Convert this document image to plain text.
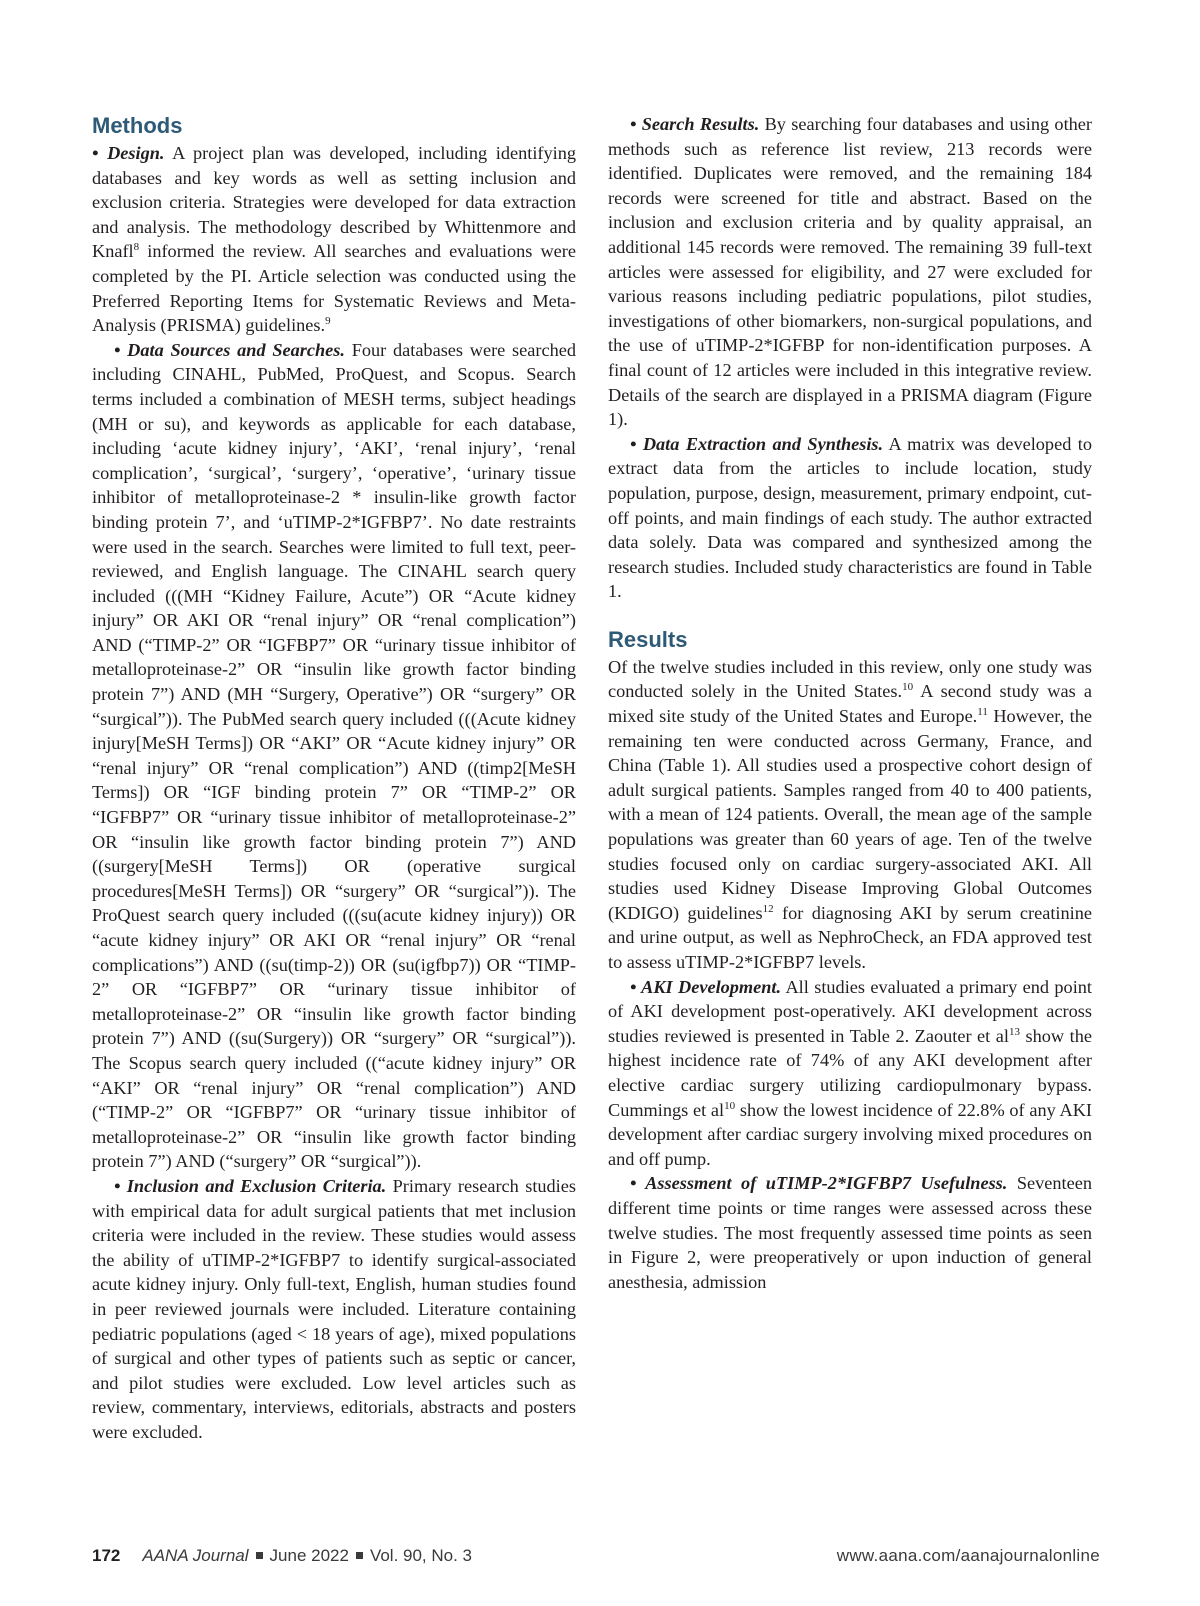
Methods

• Design. A project plan was developed, including identifying databases and key words as well as setting inclusion and exclusion criteria. Strategies were developed for data extraction and analysis. The methodology described by Whittenmore and Knafl$^8$ informed the review. All searches and evaluations were completed by the PI. Article selection was conducted using the Preferred Reporting Items for Systematic Reviews and Meta-Analysis (PRISMA) guidelines.$^9$

• Data Sources and Searches. Four databases were searched including CINAHL, PubMed, ProQuest, and Scopus. Search terms included a combination of MESH terms, subject headings (MH or su), and keywords as applicable for each database, including ‘acute kidney injury’, ‘AKI’, ‘renal injury’, ‘renal complication’, ‘surgical’, ‘surgery’, ‘operative’, ‘urinary tissue inhibitor of metalloproteinase-2 * insulin-like growth factor binding protein 7’, and ‘uTIMP-2*IGFBP7’. No date restraints were used in the search. Searches were limited to full text, peer-reviewed, and English language. The CINAHL search query included (((MH “Kidney Failure, Acute”) OR “Acute kidney injury” OR AKI OR “renal injury” OR “renal complication”) AND (“TIMP-2” OR “IGFBP7” OR “urinary tissue inhibitor of metalloproteinase-2” OR “insulin like growth factor binding protein 7”) AND (MH “Surgery, Operative”) OR “surgery” OR “surgical”)). The PubMed search query included (((Acute kidney injury[MeSH Terms]) OR “AKI” OR “Acute kidney injury” OR “renal injury” OR “renal complication”) AND ((timp2[MeSH Terms]) OR “IGF binding protein 7” OR “TIMP-2” OR “IGFBP7” OR “urinary tissue inhibitor of metalloproteinase-2” OR “insulin like growth factor binding protein 7”) AND ((surgery[MeSH Terms]) OR (operative surgical procedures[MeSH Terms]) OR “surgery” OR “surgical”)). The ProQuest search query included (((su(acute kidney injury)) OR “acute kidney injury” OR AKI OR “renal injury” OR “renal complications”) AND ((su(timp-2)) OR (su(igfbp7)) OR “TIMP-2” OR “IGFBP7” OR “urinary tissue inhibitor of metalloproteinase-2” OR “insulin like growth factor binding protein 7”) AND ((su(Surgery)) OR “surgery” OR “surgical”)). The Scopus search query included ((“acute kidney injury” OR “AKI” OR “renal injury” OR “renal complication”) AND (“TIMP-2” OR “IGFBP7” OR “urinary tissue inhibitor of metalloproteinase-2” OR “insulin like growth factor binding protein 7”) AND (“surgery” OR “surgical”)).

• Inclusion and Exclusion Criteria. Primary research studies with empirical data for adult surgical patients that met inclusion criteria were included in the review. These studies would assess the ability of uTIMP-2*IGFBP7 to identify surgical-associated acute kidney injury. Only full-text, English, human studies found in peer reviewed journals were included. Literature containing pediatric populations (aged < 18 years of age), mixed populations of surgical and other types of patients such as septic or cancer, and pilot studies were excluded. Low level articles such as review, commentary, interviews, editorials, abstracts and posters were excluded.

• Search Results. By searching four databases and using other methods such as reference list review, 213 records were identified. Duplicates were removed, and the remaining 184 records were screened for title and abstract. Based on the inclusion and exclusion criteria and by quality appraisal, an additional 145 records were removed. The remaining 39 full-text articles were assessed for eligibility, and 27 were excluded for various reasons including pediatric populations, pilot studies, investigations of other biomarkers, non-surgical populations, and the use of uTIMP-2*IGFBP for non-identification purposes. A final count of 12 articles were included in this integrative review. Details of the search are displayed in a PRISMA diagram (Figure 1).

• Data Extraction and Synthesis. A matrix was developed to extract data from the articles to include location, study population, purpose, design, measurement, primary endpoint, cut-off points, and main findings of each study. The author extracted data solely. Data was compared and synthesized among the research studies. Included study characteristics are found in Table 1.

Results

Of the twelve studies included in this review, only one study was conducted solely in the United States.$^{10}$ A second study was a mixed site study of the United States and Europe.$^{11}$ However, the remaining ten were conducted across Germany, France, and China (Table 1). All studies used a prospective cohort design of adult surgical patients. Samples ranged from 40 to 400 patients, with a mean of 124 patients. Overall, the mean age of the sample populations was greater than 60 years of age. Ten of the twelve studies focused only on cardiac surgery-associated AKI. All studies used Kidney Disease Improving Global Outcomes (KDIGO) guidelines$^{12}$ for diagnosing AKI by serum creatinine and urine output, as well as NephroCheck, an FDA approved test to assess uTIMP-2*IGFBP7 levels.

• AKI Development. All studies evaluated a primary end point of AKI development post-operatively. AKI development across studies reviewed is presented in Table 2. Zaouter et $al^{13}$ show the highest incidence rate of 74% of any AKI development after elective cardiac surgery utilizing cardiopulmonary bypass. Cummings et $al^{10}$ show the lowest incidence of 22.8% of any AKI development after cardiac surgery involving mixed procedures on and off pump.

• Assessment of uTIMP-2*IGFBP7 Usefulness. Seventeen different time points or time ranges were assessed across these twelve studies. The most frequently assessed time points as seen in Figure 2, were preoperatively or upon induction of general anesthesia, admission

172 AANA Journal June 2022 Vol. 90, No. 3	www.aana.com/aanajournalonline
